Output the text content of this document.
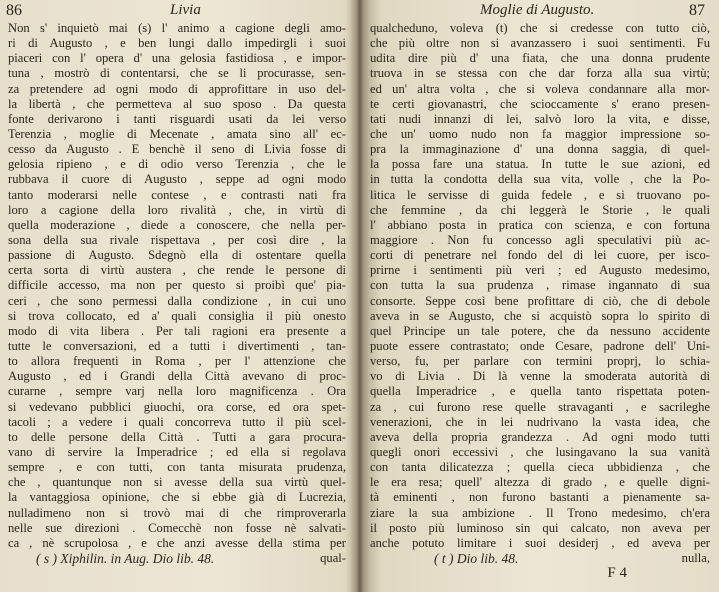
86	Livia
Non s' inquietò mai (s) l' animo a cagione degli amo-
ri di Augusto , e ben lungi dallo impedirgli i suoi
piaceri con l' opera d' una gelosia fastidiosa , e impor-
tuna , mostrò di contentarsi, che se li procurasse, sen-
za pretendere ad ogni modo di approfittare in uso del-
la libertà , che permetteva al suo sposo . Da questa
fonte derivarono i tanti risguardi usati da lei verso
Terenzia , moglie di Mecenate , amata sino all' ec-
cesso da Augusto . E benchè il seno di Livia fosse di
gelosia ripieno , e di odio verso Terenzia , che le
rubbava il cuore di Augusto , seppe ad ogni modo
tanto moderarsi nelle contese , e contrasti nati fra
loro a cagione della loro rivalità , che, in virtù di
quella moderazione , diede a conoscere, che nella per-
sona della sua rivale rispettava , per così dire , la
passione di Augusto. Sdegnò ella di ostentare quella
certa sorta di virtù austera , che rende le persone di
difficile accesso, ma non per questo si proibì que' pia-
ceri , che sono permessi dalla condizione , in cui uno
si trova collocato, ed a' quali consiglia il più onesto
modo di vita libera . Per tali ragioni era presente a
tutte le conversazioni, ed a tutti i divertimenti , tan-
to allora frequenti in Roma , per l' attenzione che
Augusto , ed i Grandi della Città avevano di proc-
curarne , sempre varj nella loro magnificenza . Ora
si vedevano pubblici giuochi, ora corse, ed ora spet-
tacoli ; a vedere i quali concorreva tutto il più scel-
to delle persone della Città . Tutti a gara procura-
vano di servire la Imperadrice ; ed ella si regolava
sempre , e con tutti, con tanta misurata prudenza,
che , quantunque non si avesse della sua virtù quel-
la vantaggiosa opinione, che si ebbe già di Lucrezia,
nulladimeno non si trovò mai di che rimproverarla
nelle sue direzioni . Comecchè non fosse nè salvati-
ca , nè scrupolosa , e che anzi avesse della stima per
qual-
( s ) Xiphilin. in Aug. Dio lib. 48.
Moglie di Augusto.	87
qualcheduno, voleva (t) che si credesse con tutto ciò,
che più oltre non si avanzassero i suoi sentimenti. Fu
udita dire più d' una fiata, che una donna prudente
truova in se stessa con che dar forza alla sua virtù;
ed un' altra volta , che si voleva condannare alla mor-
te certi giovanastri, che scioccamente s' erano presen-
tati nudi innanzi di lei, salvò loro la vita, e disse,
che un' uomo nudo non fa maggior impressione so-
pra la immaginazione d' una donna saggia, di quel-
la possa fare una statua. In tutte le sue azioni, ed
in tutta la condotta della sua vita, volle , che la Po-
litica le servisse di guida fedele , e si truovano po-
che femmine , da chi leggerà le Storie , le quali
l' abbiano posta in pratica con scienza, e con fortuna
maggiore . Non fu concesso agli speculativi più ac-
corti di penetrare nel fondo del di lei cuore, per isco-
prirne i sentimenti più veri ; ed Augusto medesimo,
con tutta la sua prudenza , rimase ingannato di sua
consorte. Seppe così bene profittare di ciò, che di debole
aveva in se Augusto, che si acquistò sopra lo spirito di
quel Principe un tale potere, che da nessuno accidente
puote essere contrastato; onde Cesare, padrone dell' Uni-
verso, fu, per parlare con termini proprj, lo schia-
vo di Livia . Di là venne la smoderata autorità di
quella Imperadrice , e quella tanto rispettata poten-
za , cui furono rese quelle stravaganti , e sacrileghe
venerazioni, che in lei nudrivano la vasta idea, che
aveva della propria grandezza . Ad ogni modo tutti
quegli onori eccessivi , che lusingavano la sua vanità
con tanta dilicatezza ; quella cieca ubbidienza , che
le era resa; quell' altezza di grado , e quelle digni-
tà eminenti , non furono bastanti a pienamente sa-
ziare la sua ambizione . Il Trono medesimo, ch'era
il posto più luminoso sin qui calcato, non aveva per
anche potuto limitare i suoi desiderj , ed aveva per
nulla,
( t ) Dio lib. 48.
F 4
